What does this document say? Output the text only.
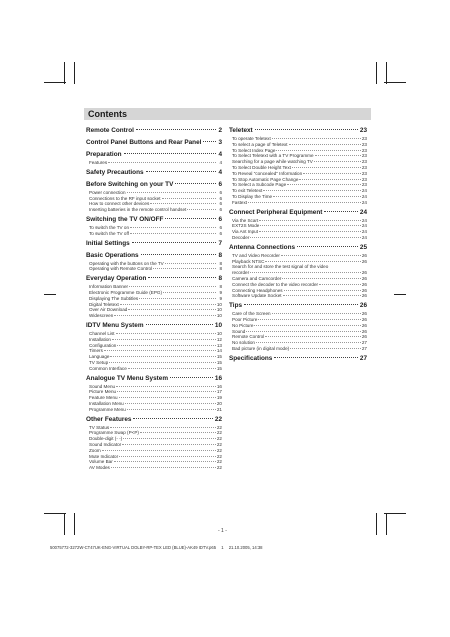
Contents
Remote Control	2
Control Panel Buttons and Rear Panel	3
Preparation	4
Features	4
Safety Precautions	4
Before Switching on your TV	6
Power connection	6
Connections to the RF input socket	6
How to connect other devices	6
Inserting batteries in the remote control handset	6
Switching the TV ON/OFF	6
To switch the TV on	6
To switch the TV off	6
Initial Settings	7
Basic Operations	8
Operating with the buttons on the TV	8
Operating with Remote Control	8
Everyday Operation	8
Information Banner	8
Electronic Programme Guide (EPG)	9
Displaying The Subtitles	9
Digital Teletext	10
Over Air Download	10
Widescreen	10
IDTV Menu System	10
Channel List	10
Installation	12
Configuration	13
Timers	14
Language	15
TV Setup	15
Common Interface	15
Analogue TV Menu System	16
Sound Menu	16
Picture Menu	17
Feature Menu	19
Installation Menu	20
Programme Menu	21
Other Features	22
TV Status	22
Programme Swap (P<P)	22
Double-digit (- -)	22
Sound Indicator	22
Zoom	22
Mute Indicator	22
Volume Bar	22
AV Modes	22
Teletext	23
To operate Teletext	23
To select a page of Teletext	23
To Select Index Page	23
To Select Teletext with a TV Programme	23
Searching for a page while watching TV	23
To Select Double Height Text	23
To Reveal "concealed" Information	23
To Stop Automatic Page Change	23
To Select a Subcode Page	23
To exit Teletext	24
To Display the Time	24
Fastext	24
Connect Peripheral Equipment	24
Via the Scart	24
EXT2S Mode	24
Via Ant Input	24
Decoder	24
Antenna Connections	25
TV and Video Recorder	26
Playback NTSC	26
Search for and store the test signal of the video
recorder	26
Camera and Camcorder	26
Connect the decoder to the video recorder	26
Connecting Headphones	26
Software Update Socket	26
Tips	26
Care of the Screen	26
Poor Picture	26
No Picture	26
Sound	26
Remote Control	26
No solution	27
Bad picture (in digital mode)	27
Specifications	27
- 1 -
50075772-3272W-CT47UK-ENG-VIRTUAL DOLBY-RP-TEX LED (BLUE)-AK49 IDTV.p65 1 21.10.2005, 14:38
